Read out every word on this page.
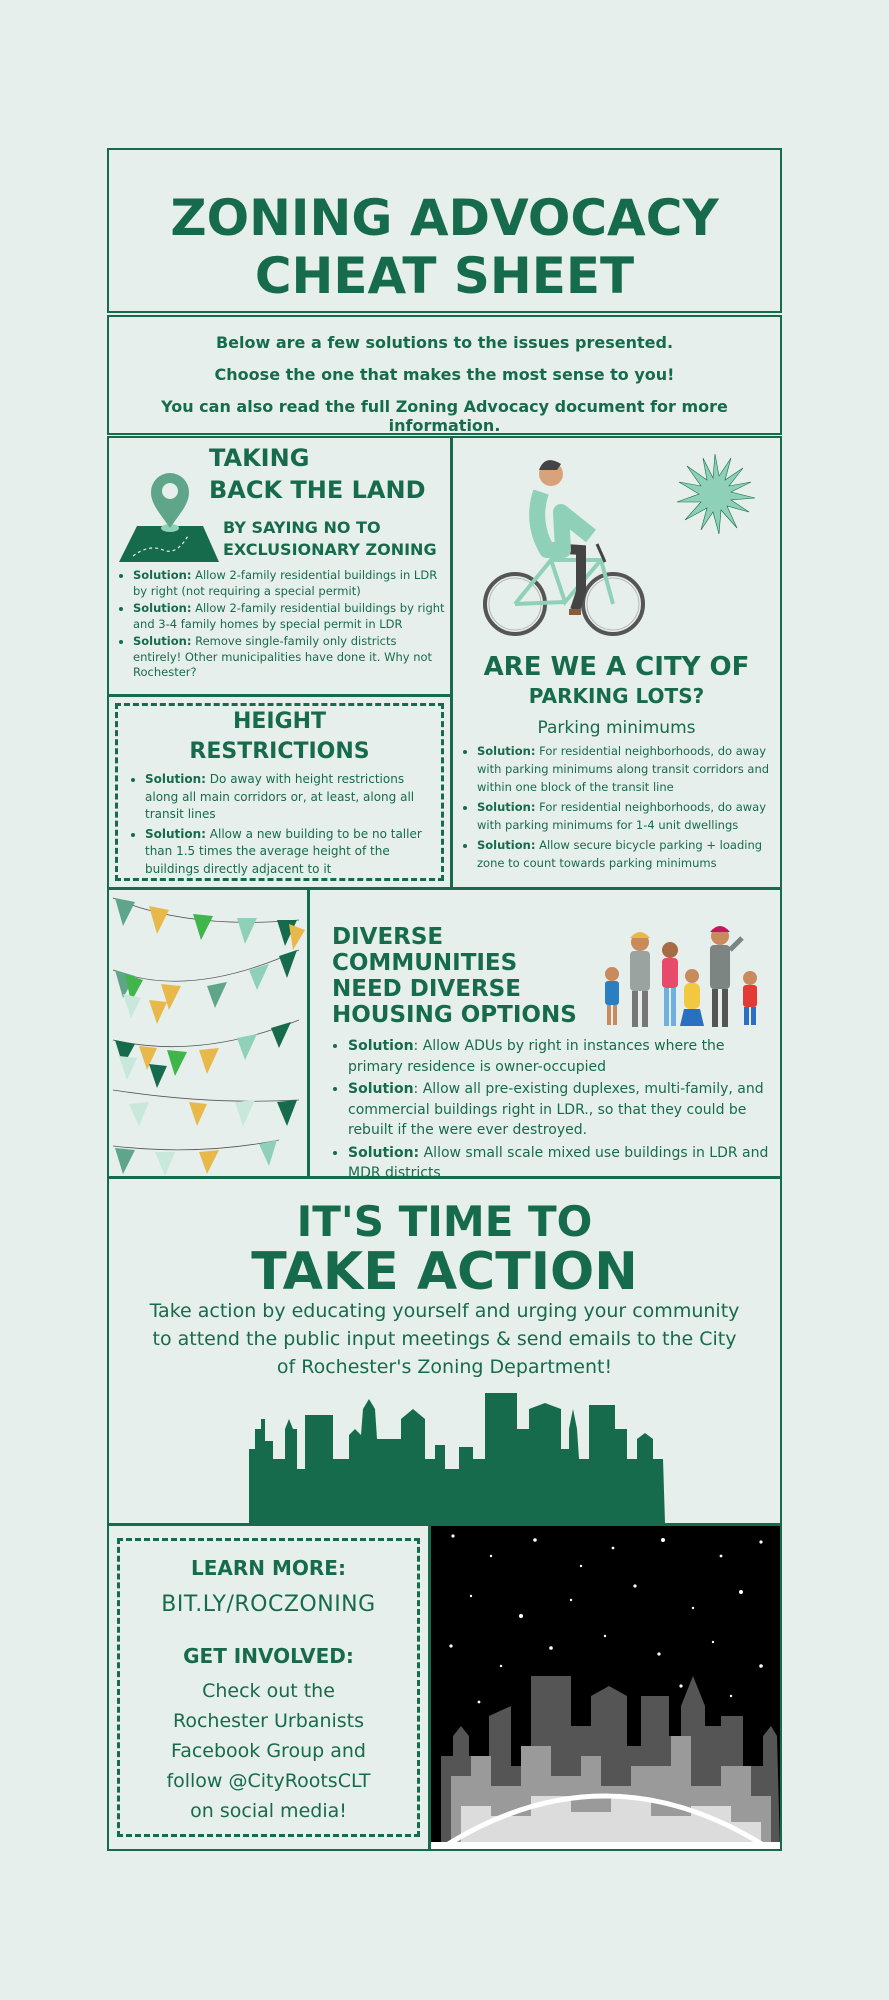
ZONING ADVOCACY
CHEAT SHEET
Below are a few solutions to the issues presented.
Choose the one that makes the most sense to you!
You can also read the full Zoning Advocacy document for more information.
TAKING
BACK THE LAND
BY SAYING NO TO
EXCLUSIONARY ZONING
• Solution: Allow 2-family residential buildings in LDR by right (not requiring a special permit)
• Solution: Allow 2-family residential buildings by right and 3-4 family homes by special permit in LDR
• Solution: Remove single-family only districts entirely! Other municipalities have done it. Why not Rochester?	ARE WE A CITY OF
PARKING LOTS?
Parking minimums
• Solution: For residential neighborhoods, do away with parking minimums along transit corridors and within one block of the transit line
• Solution: For residential neighborhoods, do away with parking minimums for 1-4 unit dwellings
• Solution: Allow secure bicycle parking + loading zone to count towards parking minimums
HEIGHT
RESTRICTIONS
• Solution: Do away with height restrictions along all main corridors or, at least, along all transit lines
• Solution: Allow a new building to be no taller than 1.5 times the average height of the buildings directly adjacent to it
DIVERSE
COMMUNITIES
NEED DIVERSE
HOUSING OPTIONS
• Solution: Allow ADUs by right in instances where the primary residence is owner-occupied
• Solution: Allow all pre-existing duplexes, multi-family, and commercial buildings right in LDR., so that they could be rebuilt if the were ever destroyed.
• Solution: Allow small scale mixed use buildings in LDR and MDR districts
IT'S TIME TO
TAKE ACTION
Take action by educating yourself and urging your community
to attend the public input meetings & send emails to the City
of Rochester's Zoning Department!
LEARN MORE:
BIT.LY/ROCZONING
GET INVOLVED:
Check out the
Rochester Urbanists
Facebook Group and
follow @CityRootsCLT
on social media!
